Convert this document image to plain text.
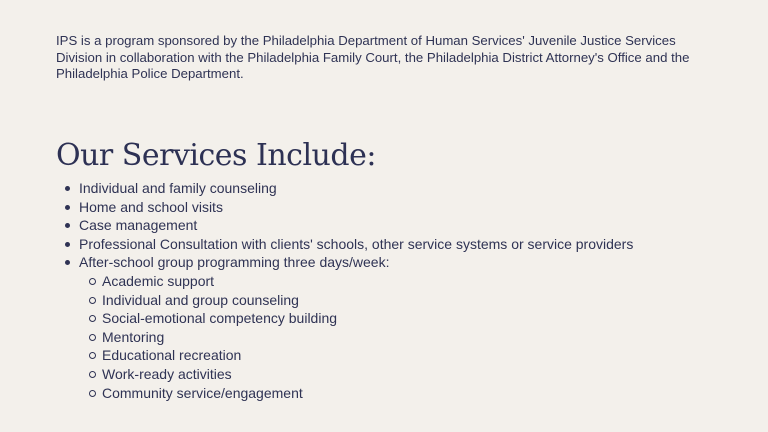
IPS is a program sponsored by the Philadelphia Department of Human Services' Juvenile Justice Services
Division in collaboration with the Philadelphia Family Court, the Philadelphia District Attorney's Office and the
Philadelphia Police Department.
Our Services Include:
Individual and family counseling
Home and school visits
Case management
Professional Consultation with clients' schools, other service systems or service providers
After-school group programming three days/week:
Academic support
Individual and group counseling
Social-emotional competency building
Mentoring
Educational recreation
Work-ready activities
Community service/engagement
